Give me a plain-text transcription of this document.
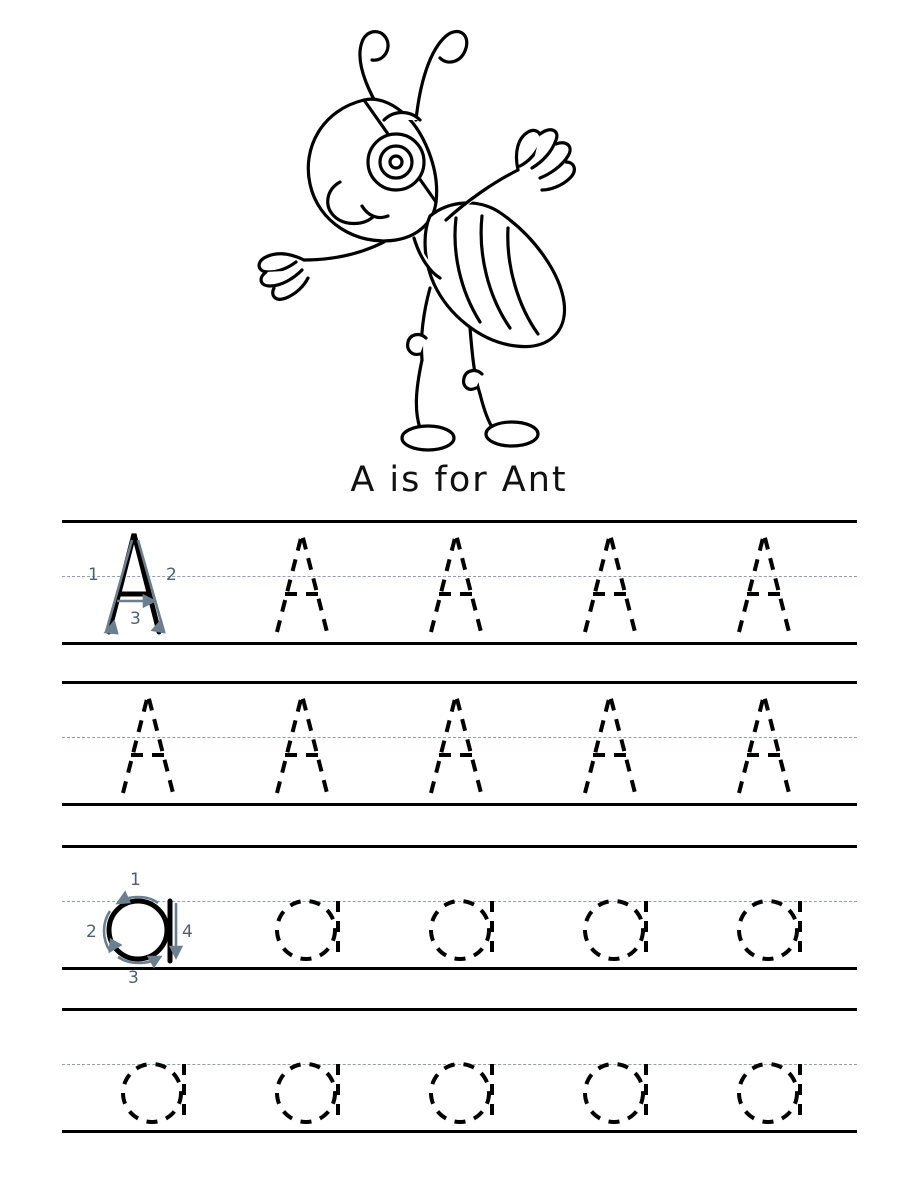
A is for Ant
1	2
3
1
2
3
4
